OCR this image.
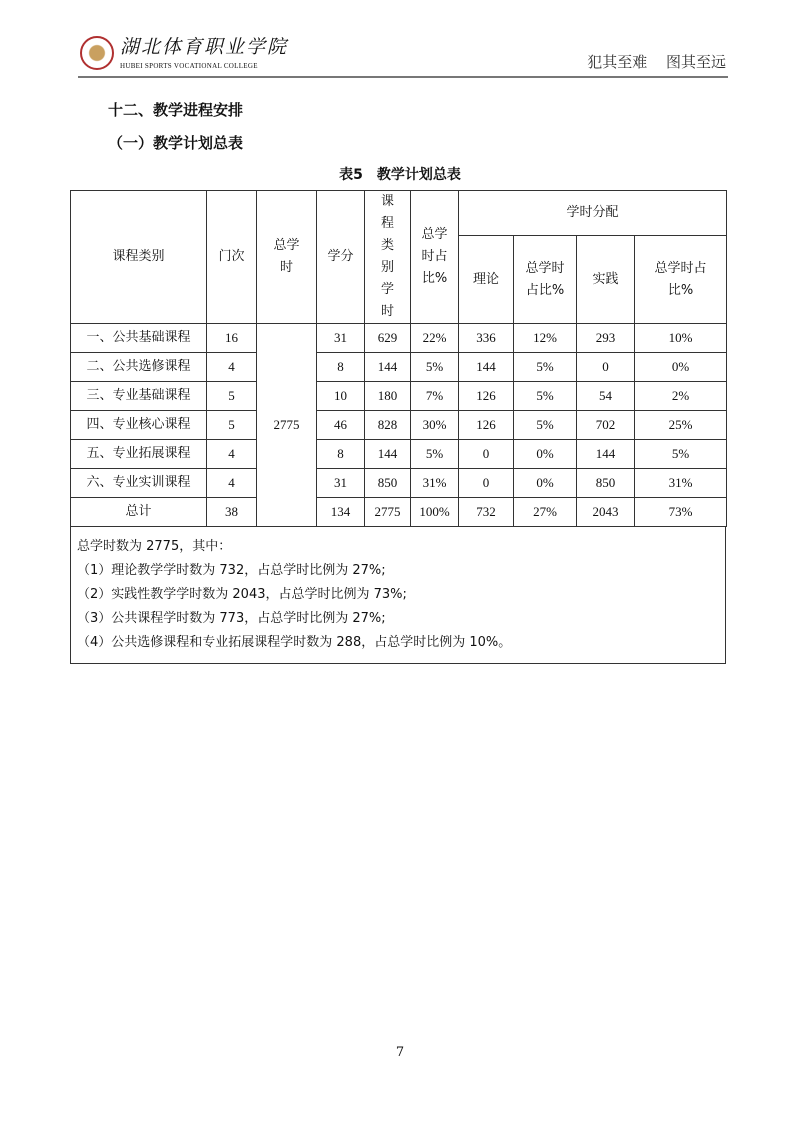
湖北体育职业学院
HUBEI SPORTS VOCATIONAL COLLEGE	犯其至难 图其至远
十二、教学进程安排
（一）教学计划总表
表5　教学计划总表
课程类别	门次	总学时	学分	课程类别学时	总学时占比%	学时分配			
						理论	总学时占比%	实践	总学时占比%
一、公共基础课程	16	2775	31	629	22%	336	12%	293	10%
二、公共选修课程	4		8	144	5%	144	5%	0	0%
三、专业基础课程	5		10	180	7%	126	5%	54	2%
四、专业核心课程	5		46	828	30%	126	5%	702	25%
五、专业拓展课程	4		8	144	5%	0	0%	144	5%
六、专业实训课程	4		31	850	31%	0	0%	850	31%
总计	38		134	2775	100%	732	27%	2043	73%
总学时数为 2775，其中：
（1）理论教学学时数为 732，占总学时比例为 27%;
（2）实践性教学学时数为 2043，占总学时比例为 73%;
（3）公共课程学时数为 773，占总学时比例为 27%;
（4）公共选修课程和专业拓展课程学时数为 288，占总学时比例为 10%。
7
